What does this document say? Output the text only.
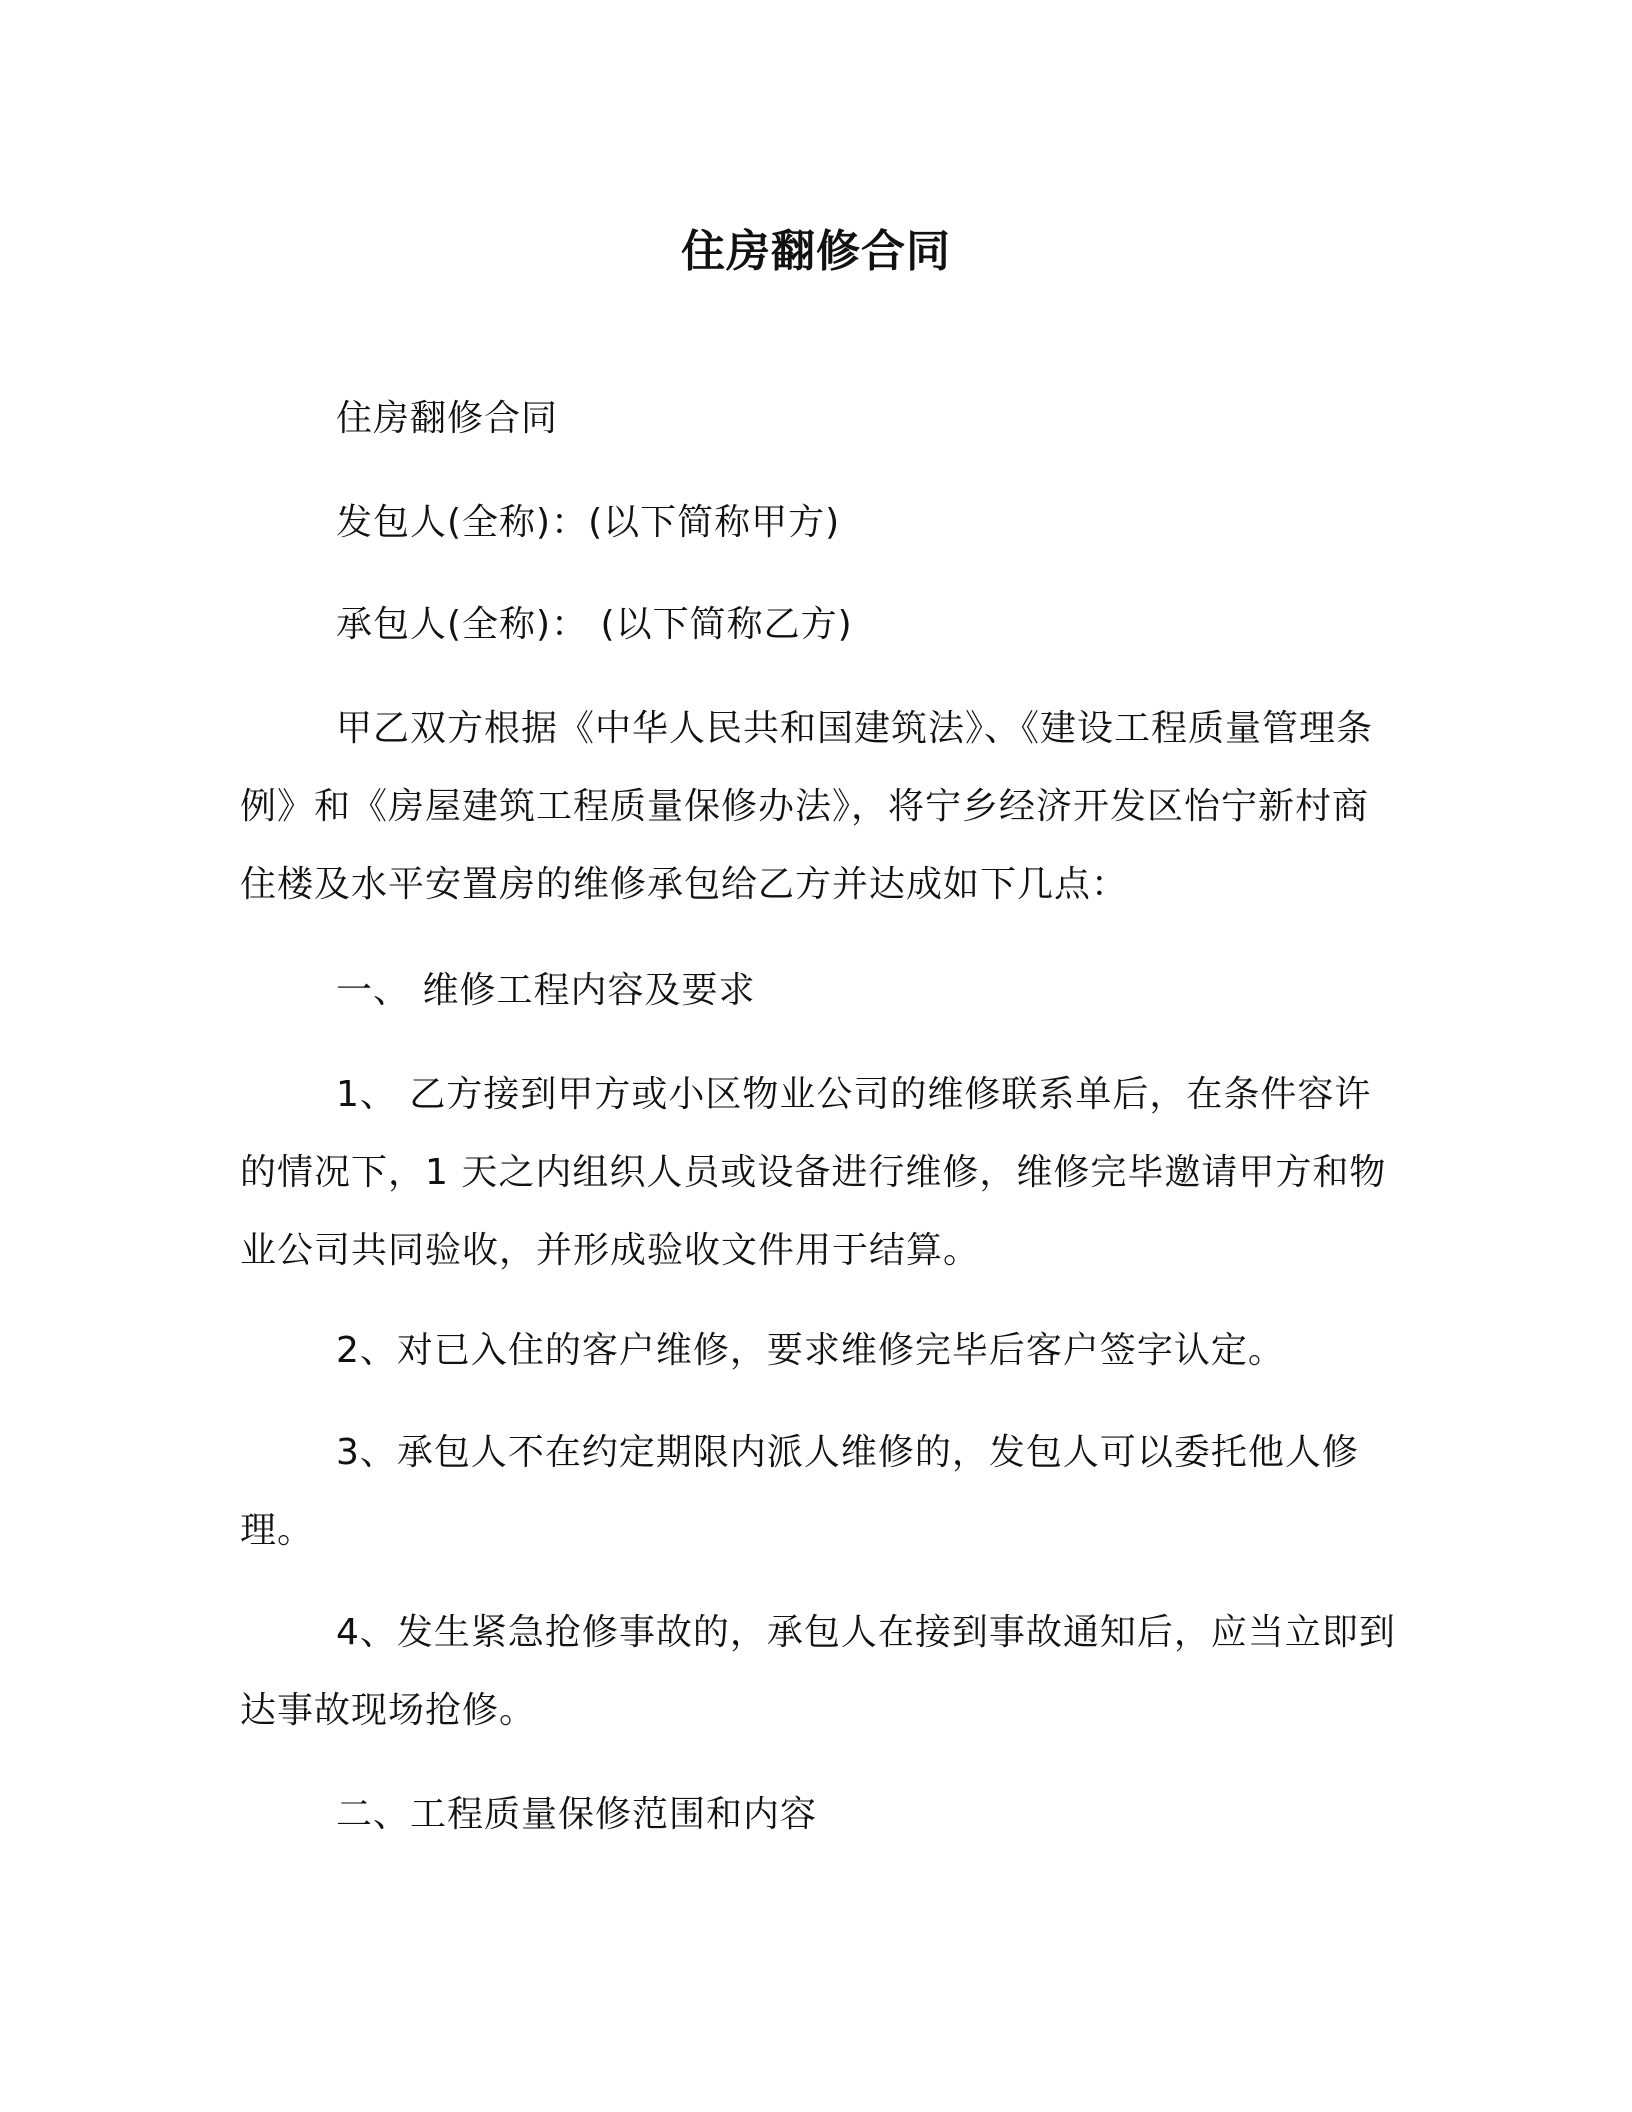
住房翻修合同

住房翻修合同

发包人(全称)：(以下简称甲方)

承包人(全称)： (以下简称乙方)

甲乙双方根据《中华人民共和国建筑法》、《建设工程质量管理条例》和《房屋建筑工程质量保修办法》，将宁乡经济开发区怡宁新村商住楼及水平安置房的维修承包给乙方并达成如下几点：

一、 维修工程内容及要求

1、 乙方接到甲方或小区物业公司的维修联系单后，在条件容许的情况下，1 天之内组织人员或设备进行维修，维修完毕邀请甲方和物业公司共同验收，并形成验收文件用于结算。

2、对已入住的客户维修，要求维修完毕后客户签字认定。

3、承包人不在约定期限内派人维修的，发包人可以委托他人修理。

4、发生紧急抢修事故的，承包人在接到事故通知后，应当立即到达事故现场抢修。

二、工程质量保修范围和内容
